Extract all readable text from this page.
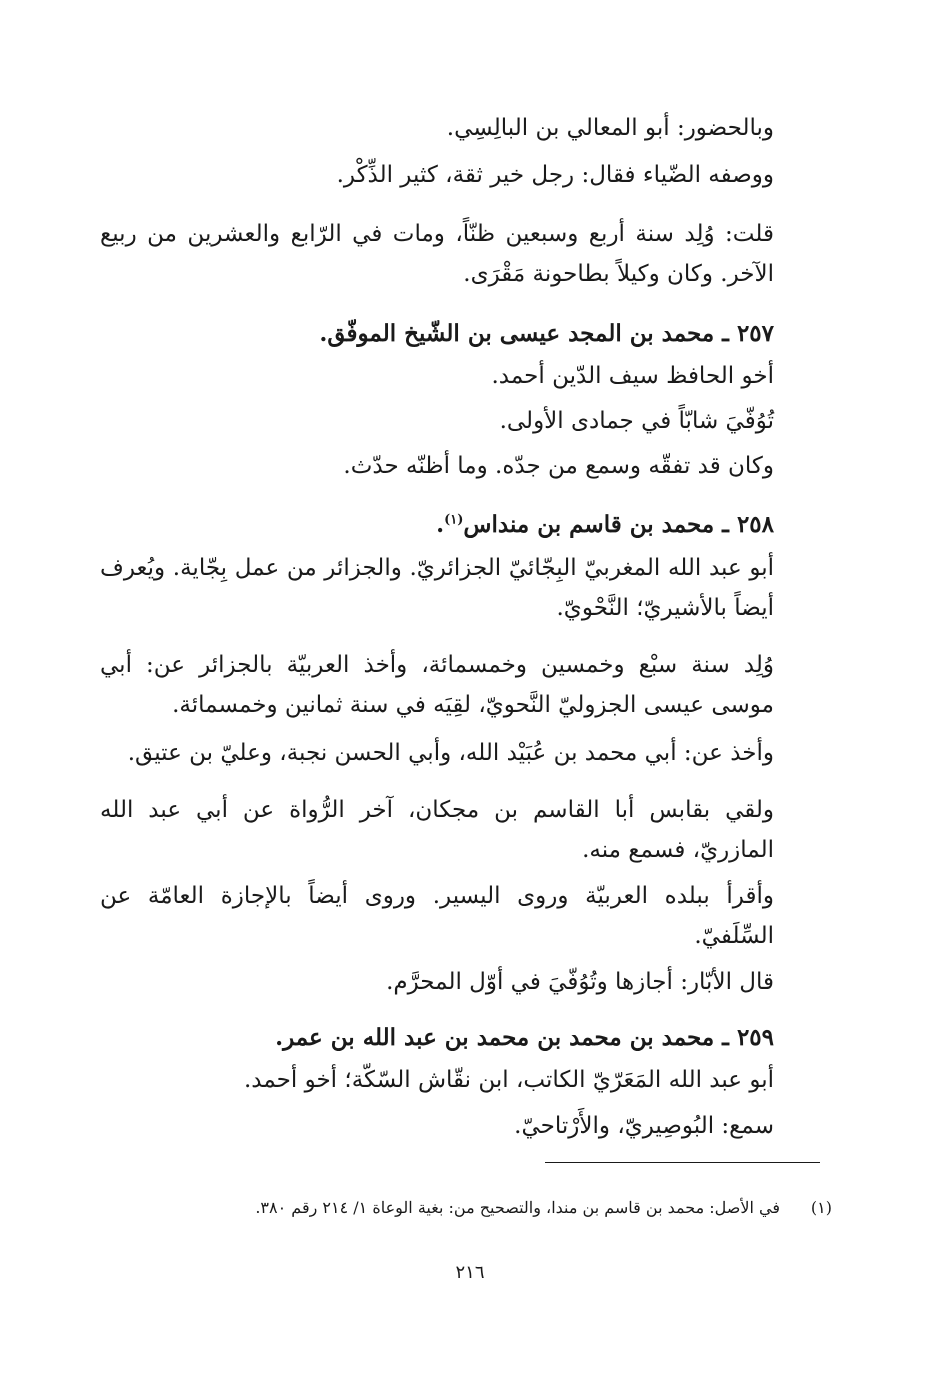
وبالحضور: أبو المعالي بن البالِسِي.
ووصفه الضّياء فقال: رجل خير ثقة، كثير الذِّكْر.
قلت: وُلِد سنة أربع وسبعين ظنّاً، ومات في الرّابع والعشرين من ربيع الآخر. وكان وكيلاً بطاحونة مَقْرَى.
٢٥٧ ـ محمد بن المجد عيسى بن الشّيخ الموفّق.
أخو الحافظ سيف الدّين أحمد.
تُوُفّيَ شابّاً في جمادى الأولى.
وكان قد تفقّه وسمع من جدّه. وما أظنّه حدّث.
٢٥٨ ـ محمد بن قاسم بن منداس$^{(١)}$.
أبو عبد الله المغربيّ البِجّائيّ الجزائريّ. والجزائر من عمل بِجّاية. ويُعرف أيضاً بالأشيريّ؛ النَّحْويّ.
وُلِد سنة سبْع وخمسين وخمسمائة، وأخذ العربيّة بالجزائر عن: أبي موسى عيسى الجزوليّ النَّحويّ، لقِيَه في سنة ثمانين وخمسمائة.
وأخذ عن: أبي محمد بن عُبَيْد الله، وأبي الحسن نجبة، وعليّ بن عتيق.
ولقي بقابس أبا القاسم بن مجكان، آخر الرُّواة عن أبي عبد الله المازريّ، فسمع منه.
وأقرأ ببلده العربيّة وروى اليسير. وروى أيضاً بالإجازة العامّة عن السِّلَفيّ.
قال الأبّار: أجازها وتُوُفّيَ في أوّل المحرَّم.
٢٥٩ ـ محمد بن محمد بن محمد بن عبد الله بن عمر.
أبو عبد الله المَعَرّيّ الكاتب، ابن نقّاش السّكّة؛ أخو أحمد.
سمع: البُوصِيريّ، والأَرْتاحيّ.
(١)في الأصل: محمد بن قاسم بن مندا، والتصحيح من: بغية الوعاة ١/ ٢١٤ رقم ٣٨٠.
٢١٦
